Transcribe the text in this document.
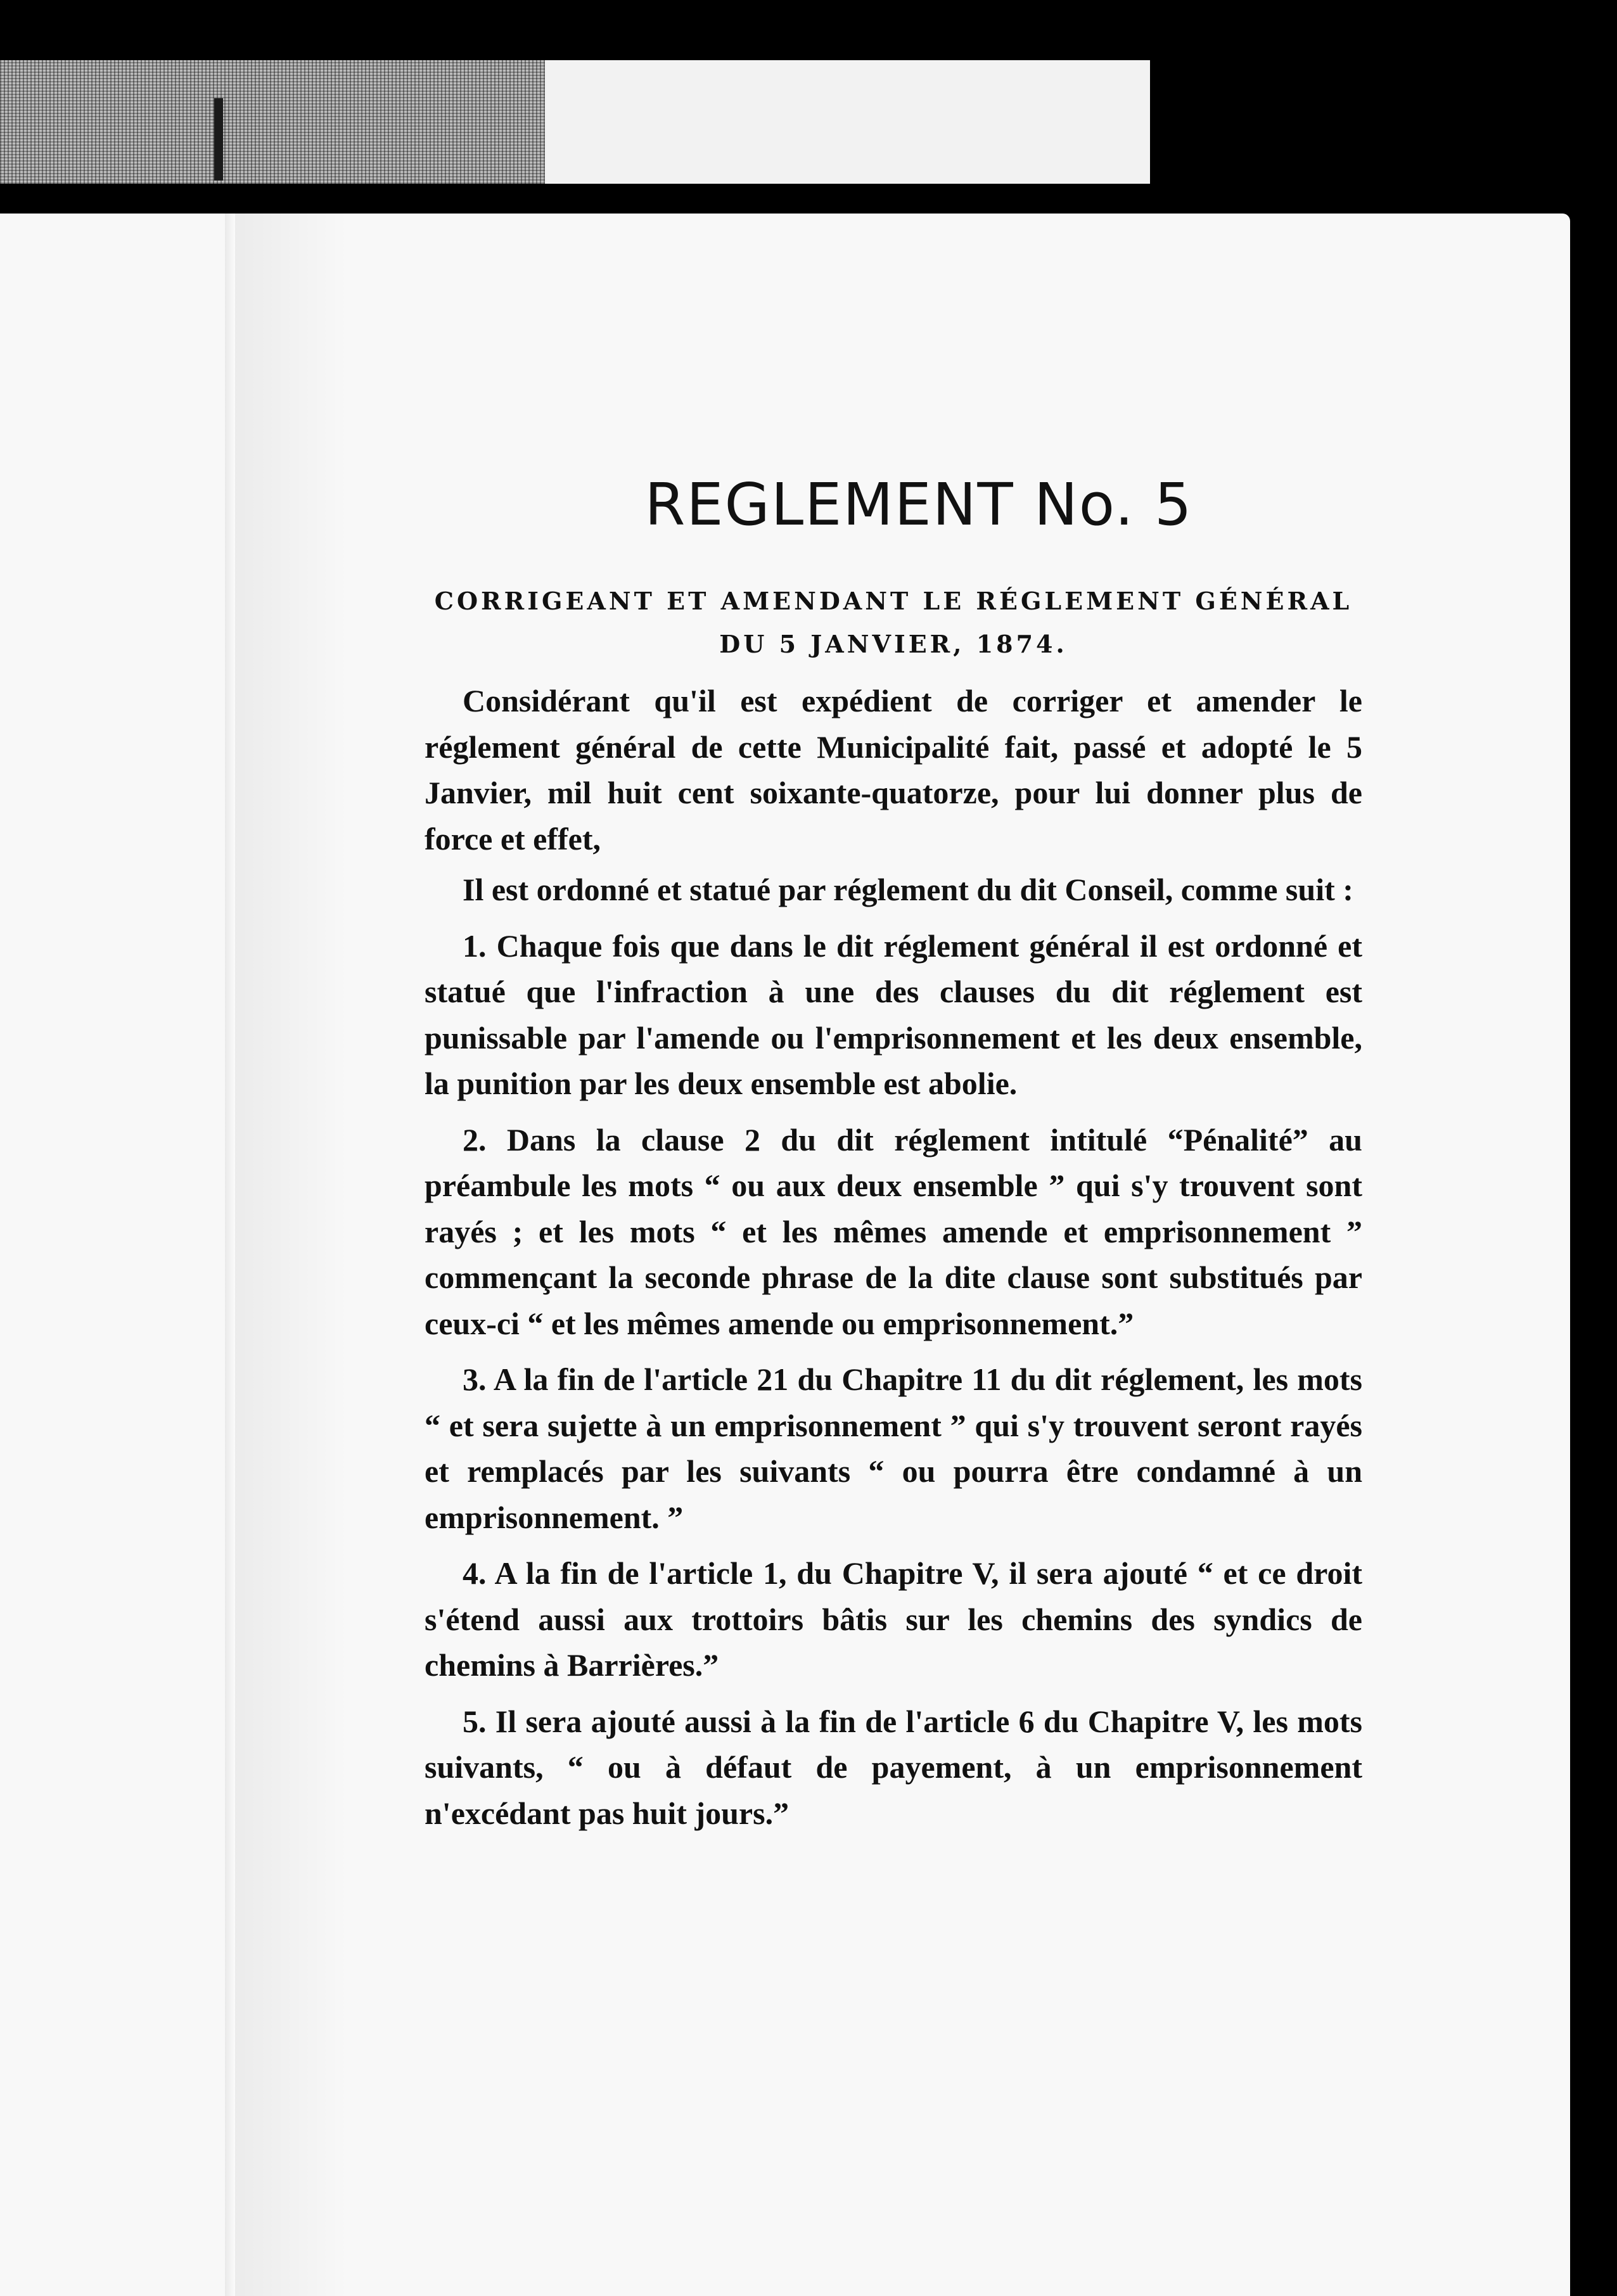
REGLEMENT No. 5
CORRIGEANT ET AMENDANT LE RÉGLEMENT GÉNÉRAL DU 5 JANVIER, 1874.

Considérant qu'il est expédient de corriger et amender le réglement général de cette Municipalité fait, passé et adopté le 5 Janvier, mil huit cent soixante-quatorze, pour lui donner plus de force et effet,

Il est ordonné et statué par réglement du dit Conseil, comme suit :

1. Chaque fois que dans le dit réglement général il est ordonné et statué que l'infraction à une des clauses du dit réglement est punissable par l'amende ou l'emprisonnement et les deux ensemble, la punition par les deux ensemble est abolie.

2. Dans la clause 2 du dit réglement intitulé “Pénalité” au préambule les mots “ ou aux deux ensemble ” qui s'y trouvent sont rayés ; et les mots “ et les mêmes amende et emprisonnement ” commençant la seconde phrase de la dite clause sont substitués par ceux-ci “ et les mêmes amende ou emprisonnement.”

3. A la fin de l'article 21 du Chapitre 11 du dit réglement, les mots “ et sera sujette à un emprisonnement ” qui s'y trouvent seront rayés et remplacés par les suivants “ ou pourra être condamné à un emprisonnement. ”

4. A la fin de l'article 1, du Chapitre V, il sera ajouté “ et ce droit s'étend aussi aux trottoirs bâtis sur les chemins des syndics de chemins à Barrières.”

5. Il sera ajouté aussi à la fin de l'article 6 du Chapitre V, les mots suivants, “ ou à défaut de payement, à un emprisonnement n'excédant pas huit jours.”
